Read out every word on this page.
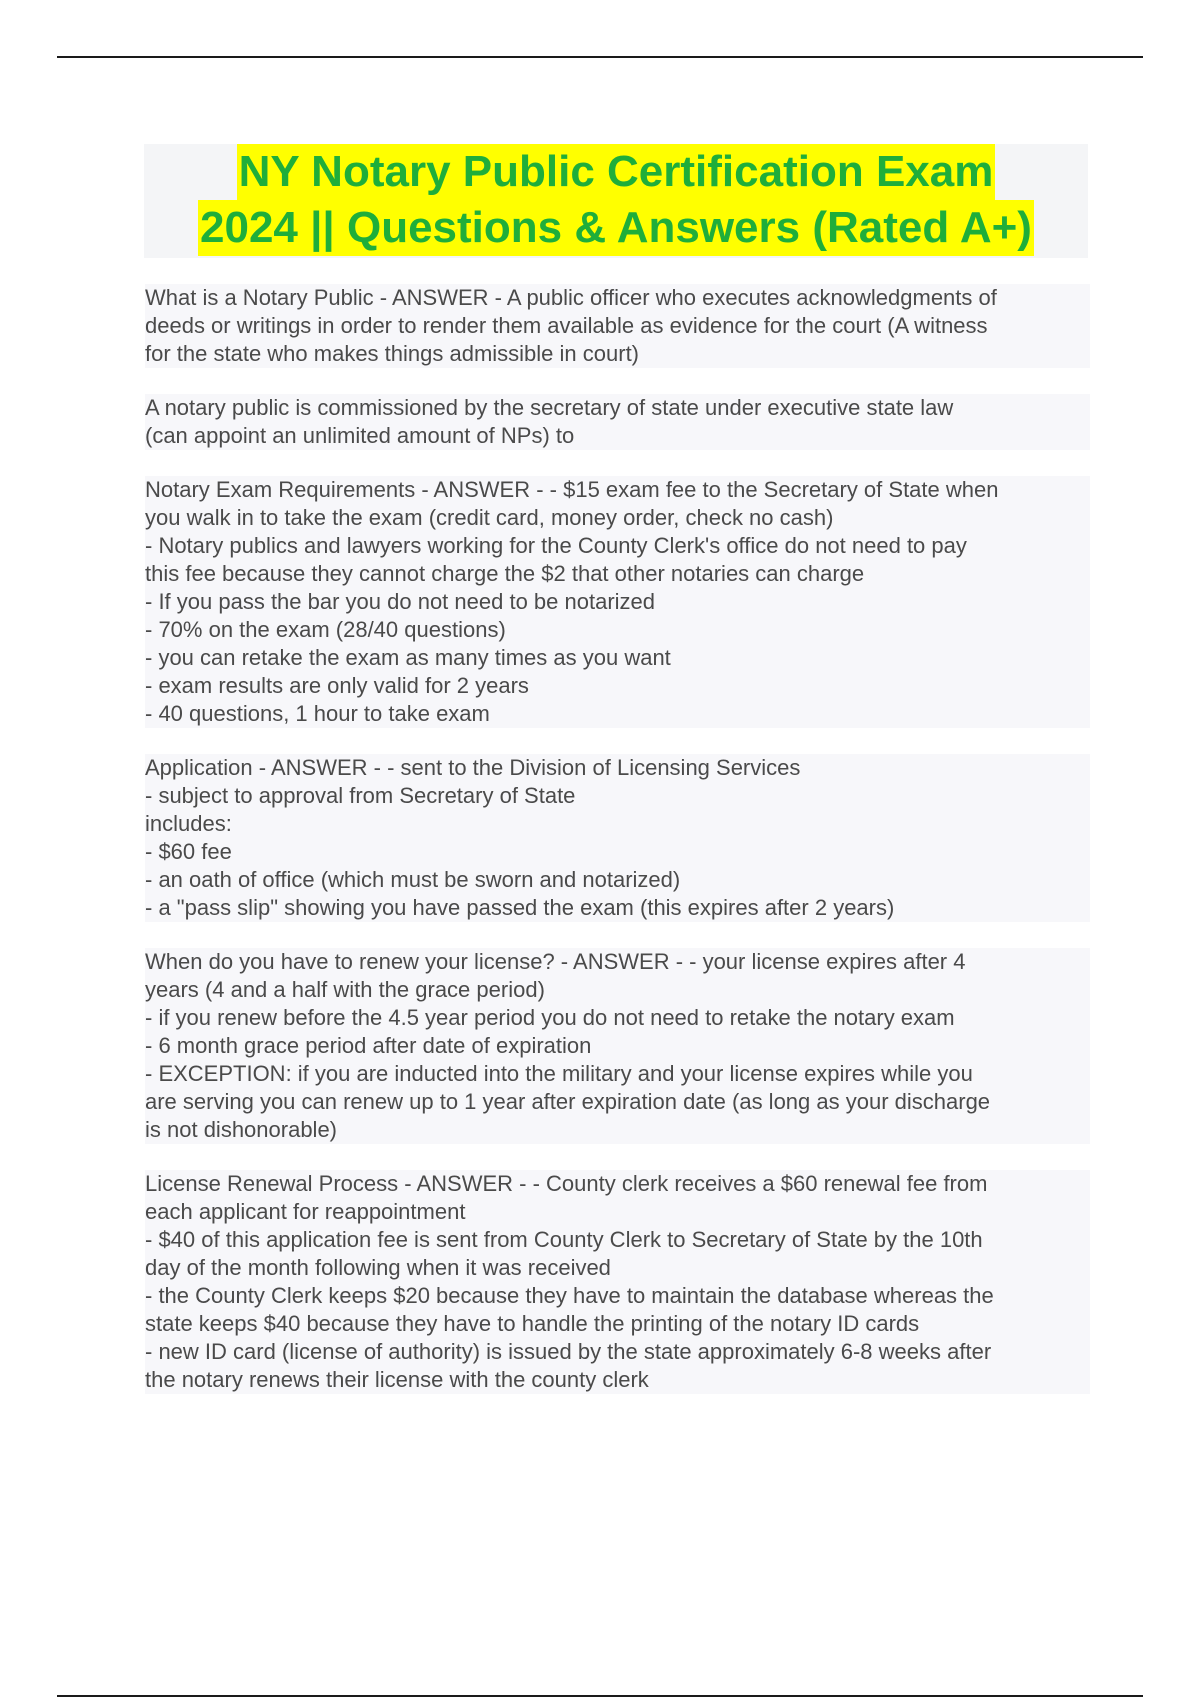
NY Notary Public Certification Exam
2024 || Questions & Answers (Rated A+)
What is a Notary Public - ANSWER - A public officer who executes acknowledgments of
deeds or writings in order to render them available as evidence for the court (A witness
for the state who makes things admissible in court)
A notary public is commissioned by the secretary of state under executive state law
(can appoint an unlimited amount of NPs) to
Notary Exam Requirements - ANSWER - - $15 exam fee to the Secretary of State when
you walk in to take the exam (credit card, money order, check no cash)
- Notary publics and lawyers working for the County Clerk's office do not need to pay
this fee because they cannot charge the $2 that other notaries can charge
- If you pass the bar you do not need to be notarized
- 70% on the exam (28/40 questions)
- you can retake the exam as many times as you want
- exam results are only valid for 2 years
- 40 questions, 1 hour to take exam
Application - ANSWER - - sent to the Division of Licensing Services
- subject to approval from Secretary of State
includes:
- $60 fee
- an oath of office (which must be sworn and notarized)
- a "pass slip" showing you have passed the exam (this expires after 2 years)
When do you have to renew your license? - ANSWER - - your license expires after 4
years (4 and a half with the grace period)
- if you renew before the 4.5 year period you do not need to retake the notary exam
- 6 month grace period after date of expiration
- EXCEPTION: if you are inducted into the military and your license expires while you
are serving you can renew up to 1 year after expiration date (as long as your discharge
is not dishonorable)
License Renewal Process - ANSWER - - County clerk receives a $60 renewal fee from
each applicant for reappointment
- $40 of this application fee is sent from County Clerk to Secretary of State by the 10th
day of the month following when it was received
- the County Clerk keeps $20 because they have to maintain the database whereas the
state keeps $40 because they have to handle the printing of the notary ID cards
- new ID card (license of authority) is issued by the state approximately 6-8 weeks after
the notary renews their license with the county clerk
